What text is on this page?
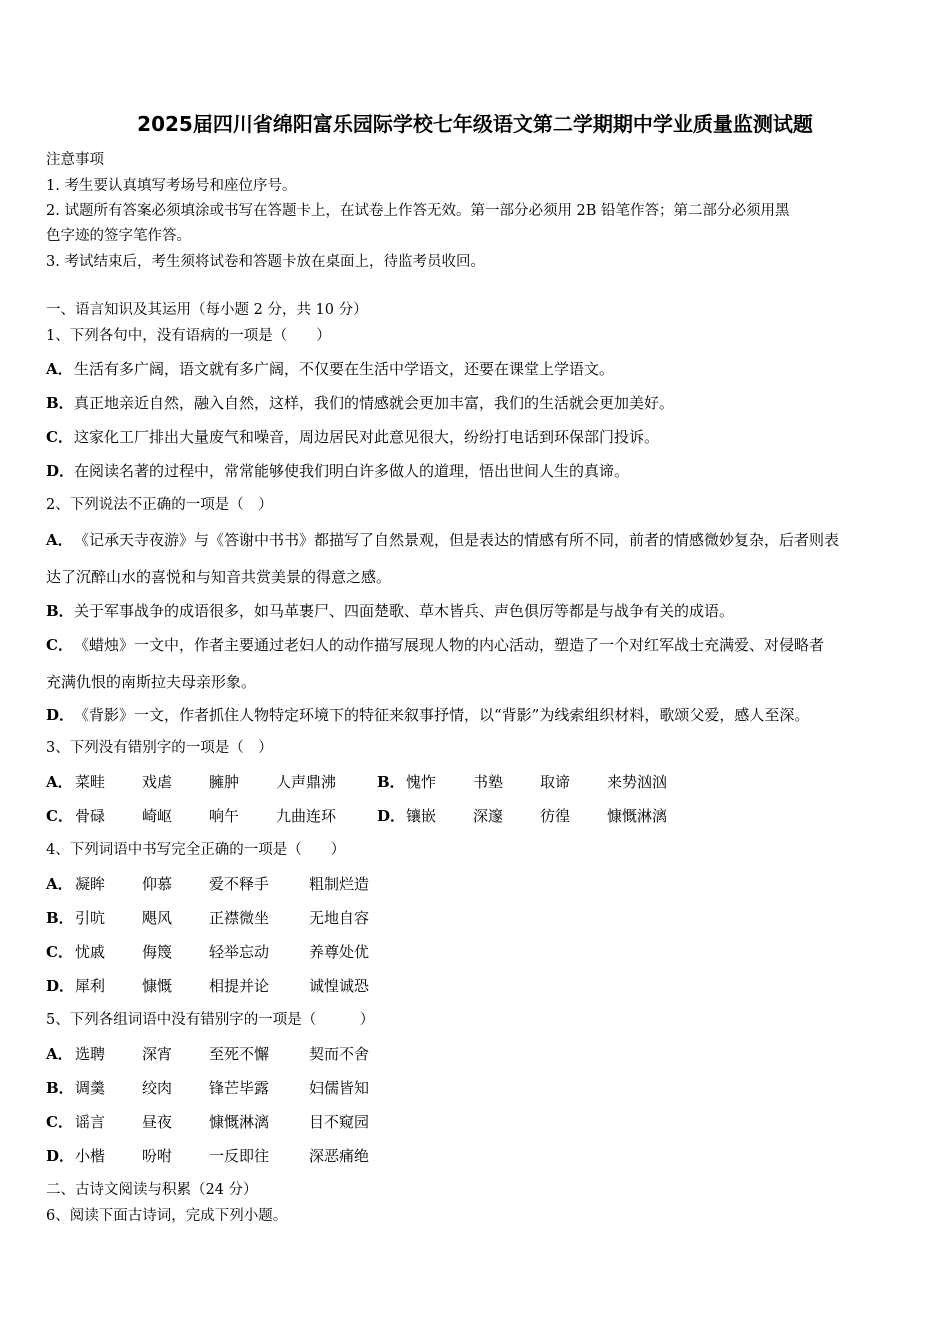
2025届四川省绵阳富乐园际学校七年级语文第二学期期中学业质量监测试题
注意事项
1. 考生要认真填写考场号和座位序号。
2. 试题所有答案必须填涂或书写在答题卡上，在试卷上作答无效。第一部分必须用 2B 铅笔作答；第二部分必须用黑
色字迹的签字笔作答。
3. 考试结束后，考生须将试卷和答题卡放在桌面上，待监考员收回。
一、语言知识及其运用（每小题 2 分，共 10 分）
1、下列各句中，没有语病的一项是（　　）
A． 生活有多广阔，语文就有多广阔，不仅要在生活中学语文，还要在课堂上学语文。
B． 真正地亲近自然，融入自然，这样，我们的情感就会更加丰富，我们的生活就会更加美好。
C． 这家化工厂排出大量废气和噪音，周边居民对此意见很大，纷纷打电话到环保部门投诉。
D． 在阅读名著的过程中，常常能够使我们明白许多做人的道理，悟出世间人生的真谛。
2、下列说法不正确的一项是（　）
A． 《记承天寺夜游》与《答谢中书书》都描写了自然景观，但是表达的情感有所不同，前者的情感微妙复杂，后者则表
达了沉醉山水的喜悦和与知音共赏美景的得意之感。
B． 关于军事战争的成语很多，如马革裹尸、四面楚歌、草木皆兵、声色俱厉等都是与战争有关的成语。
C． 《蜡烛》一文中，作者主要通过老妇人的动作描写展现人物的内心活动，塑造了一个对红军战士充满爱、对侵略者
充满仇恨的南斯拉夫母亲形象。
D． 《背影》一文，作者抓住人物特定环境下的特征来叙事抒情，以“背影”为线索组织材料，歌颂父爱，感人至深。
3、下列没有错别字的一项是（　）
A． 菜畦 戏虐 臃肿 人声鼎沸	B． 愧怍 书塾 取谛 来势汹汹
C． 骨碌 崎岖 响午 九曲连环	D． 镶嵌 深邃 彷徨 慷慨淋漓
4、下列词语中书写完全正确的一项是（　　）
A． 凝眸 仰慕 爱不释手	粗制烂造
B． 引吭 飓风 正襟微坐	无地自容
C． 忧戚 侮篾 轻举忘动	养尊处优
D． 犀利 慷慨 相提并论	诚惶诚恐
5、下列各组词语中没有错别字的一项是（　　　）
A． 选聘 深宵 至死不懈	契而不舍
B． 调羹 绞肉 锋芒毕露	妇儒皆知
C． 谣言 昼夜 慷慨淋漓	目不窥园
D． 小楷 吩咐 一反即往	深恶痛绝
二、古诗文阅读与积累（24 分）
6、阅读下面古诗词，完成下列小题。
